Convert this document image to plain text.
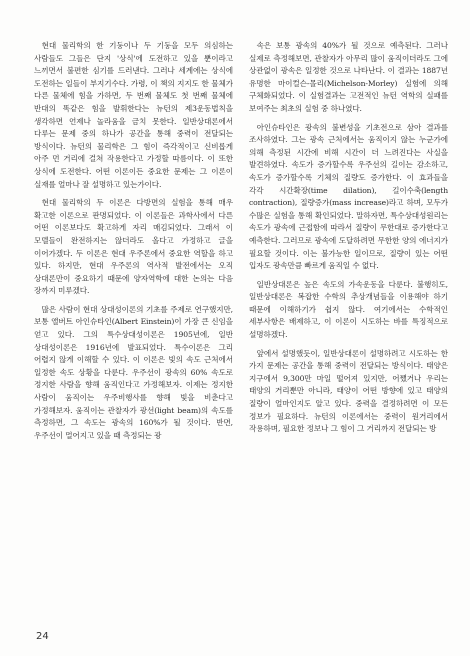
현대 물리학의 한 기둥이나 두 기둥을 모두 의심하는 사람들도 그들은 단지 '상식'에 도전하고 있을 뿐이라고 느끼면서 불편한 심기를 드러낸다. 그러나 세계에는 상식에 도전하는 일들이 부지기수다. 가령, 이 책의 지지도 한 물체가 다른 물체에 힘을 가하면, 두 번째 물체도 첫 번째 물체에 반대의 똑같은 힘을 발휘한다는 뉴턴의 제3운동법칙을 생각하면 언제나 놀라움을 금치 못한다. 일반상대론에서 다루는 문제 중의 하나가 공간을 통해 중력이 전달되는 방식이다. 뉴턴의 물리학은 그 힘이 즉각적이고 신비롭게 아주 먼 거리에 걸쳐 작용한다고 가정할 따름이다. 이 또한 상식에 도전한다. 어떤 이론이든 중요한 문제는 그 이론이 실재를 얼마나 잘 설명하고 있는가이다.

현대 물리학의 두 이론은 다방면의 실험을 통해 매우 확고한 이론으로 판명되었다. 이 이론들은 과학사에서 다른 어떤 이론보다도 확고하게 자리 매김되었다. 그래서 이 모델들이 완전하지는 않더라도 올다고 가정하고 글을 이어가겠다. 두 이론은 현대 우주론에서 중요한 역할을 하고 있다. 하지만, 현대 우주론의 역사적 발전에서는 오직 상대론만이 중요하기 때문에 양자역학에 대한 논의는 다음 장까지 미루겠다.

많은 사람이 현대 상대성이론의 기초를 주제로 연구했지만, 보통 앨버트 아인슈타인(Albert Einstein)이 가장 큰 신임을 얻고 있다. 그의 특수상대성이론은 1905년에, 일반 상대성이론은 1916년에 발표되었다. 특수이론은 그리 어렵지 않게 이해할 수 있다. 이 이론은 빛의 속도 근처에서 일정한 속도 상황을 다룬다. 우주선이 광속의 60% 속도로 정지한 사람을 향해 움직인다고 가정해보자. 이제는 정지한 사람이 움직이는 우주비행사를 향해 빛을 비춘다고 가정해보자. 움직이는 관찰자가 광선(light beam)의 속도를 측정하면, 그 속도는 광속의 160%가 될 것이다. 반면, 우주선이 멀어지고 있을 때 측정되는 광

속은 보통 광속의 40%가 될 것으로 예측된다. 그러나 실제로 측정해보면, 관찰자가 아무리 많이 움직이더라도 그에 상관없이 광속은 일정한 것으로 나타난다. 이 결과는 1887년 유명한 마이컬슨-몰리(Michelson-Morley) 실험에 의해 구체화되었다. 이 실험결과는 고전적인 뉴턴 역학의 실패를 보여주는 최초의 실험 중 하나였다.

아인슈타인은 광속의 불변성을 기초전으로 삼아 결과를 조사하였다. 그는 광속 근처에서는 움직이지 않는 누군가에 의해 측정된 시간에 비해 시간이 더 느려진다는 사실을 발견하였다. 속도가 증가할수록 우주선의 길이는 감소하고, 속도가 증가할수록 기체의 질량도 증가한다. 이 효과들을 각각 시간확장(time dilation), 길이수축(length contraction), 질량증가(mass increase)라고 하며, 모두가 수많은 실험을 통해 확인되었다. 말하자면, 특수상대성원리는 속도가 광속에 근접함에 따라서 질량이 무한대로 증가한다고 예측한다. 그러므로 광속에 도달하려면 무한한 양의 에너지가 필요할 것이다. 이는 불가능한 일이므로, 질량이 있는 어떤 입자도 광속만큼 빠르게 움직일 수 없다.

일반상대론은 높은 속도의 가속운동을 다룬다. 불행히도, 일반상대론은 복잡한 수학의 추상개념들을 이용해야 하기 때문에 이해하기가 쉽지 않다. 여기에서는 수학적인 세부사항은 배제하고, 이 이론이 시도하는 바를 특징적으로 설명하겠다.

앞에서 설명했듯이, 일반상대론이 설명하려고 시도하는 한 가지 문제는 공간을 통해 중력이 전달되는 방식이다. 태양은 지구에서 9,300만 마일 떨어져 있지만, 어쨌거나 우리는 태양의 거리뿐만 아니라, 태양이 어떤 방향에 있고 태양의 질량이 얼마인지도 알고 있다. 중력을 결정하려면 이 모든 정보가 필요하다. 뉴턴의 이론에서는 중력이 원거리에서 작용하며, 필요한 정보나 그 힘이 그 거리까지 전달되는 방

24
